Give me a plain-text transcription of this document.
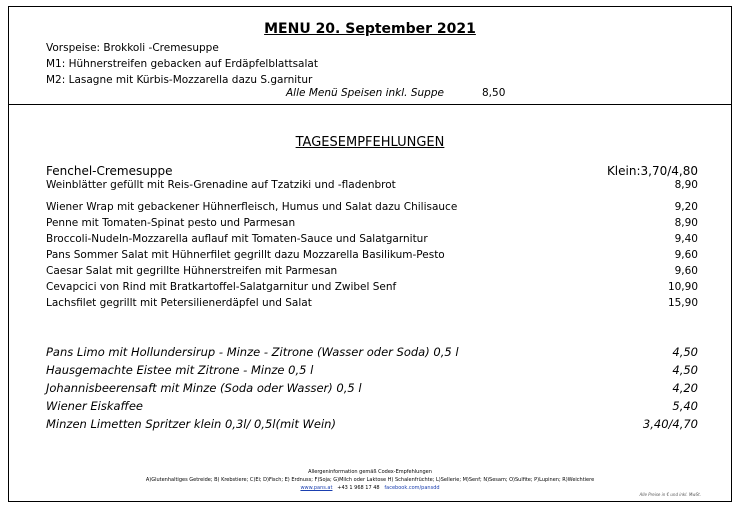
MENU 20. September 2021
Vorspeise: Brokkoli -Cremesuppe
M1: Hühnerstreifen gebacken auf Erdäpfelblattsalat
M2: Lasagne mit Kürbis-Mozzarella dazu S.garnitur
Alle Menü Speisen inkl. Suppe	8,50
TAGESEMPFEHLUNGEN
Fenchel-Cremesuppe	Klein:3,70/4,80
Weinblätter gefüllt mit Reis-Grenadine auf Tzatziki und -fladenbrot	8,90
Wiener Wrap mit gebackener Hühnerfleisch, Humus und Salat dazu Chilisauce	9,20
Penne mit Tomaten-Spinat pesto und Parmesan	8,90
Broccoli-Nudeln-Mozzarella auflauf mit Tomaten-Sauce und Salatgarnitur	9,40
Pans Sommer Salat mit Hühnerfilet gegrillt dazu Mozzarella Basilikum-Pesto	9,60
Caesar Salat mit gegrillte Hühnerstreifen mit Parmesan	9,60
Cevapcici von Rind mit Bratkartoffel-Salatgarnitur und Zwibel Senf	10,90
Lachsfilet gegrillt mit Petersilienerdäpfel und Salat	15,90
Pans Limo mit Hollundersirup - Minze - Zitrone (Wasser oder Soda) 0,5 l	4,50
Hausgemachte Eistee mit Zitrone - Minze 0,5 l	4,50
Johannisbeerensaft mit Minze (Soda oder Wasser) 0,5 l	4,20
Wiener Eiskaffee	5,40
Minzen Limetten Spritzer klein 0,3l/ 0,5l(mit Wein)	3,40/4,70
Allergeninformation gemäß Codex-Empfehlungen
A)Glutenhaltiges Getreide; B) Krebstiere; C)Ei; D)Fisch; E) Erdnuss; F)Soja; G)Milch oder Laktose H) Schalenfrüchte; L)Sellerie; M)Senf; N)Sesam; O)Sulfite; P)Lupinen; R)Weichtiere
www.pans.at +43 1 968 17 48 facebook.com/pansdd
Alle Preise in € und inkl. MwSt.
